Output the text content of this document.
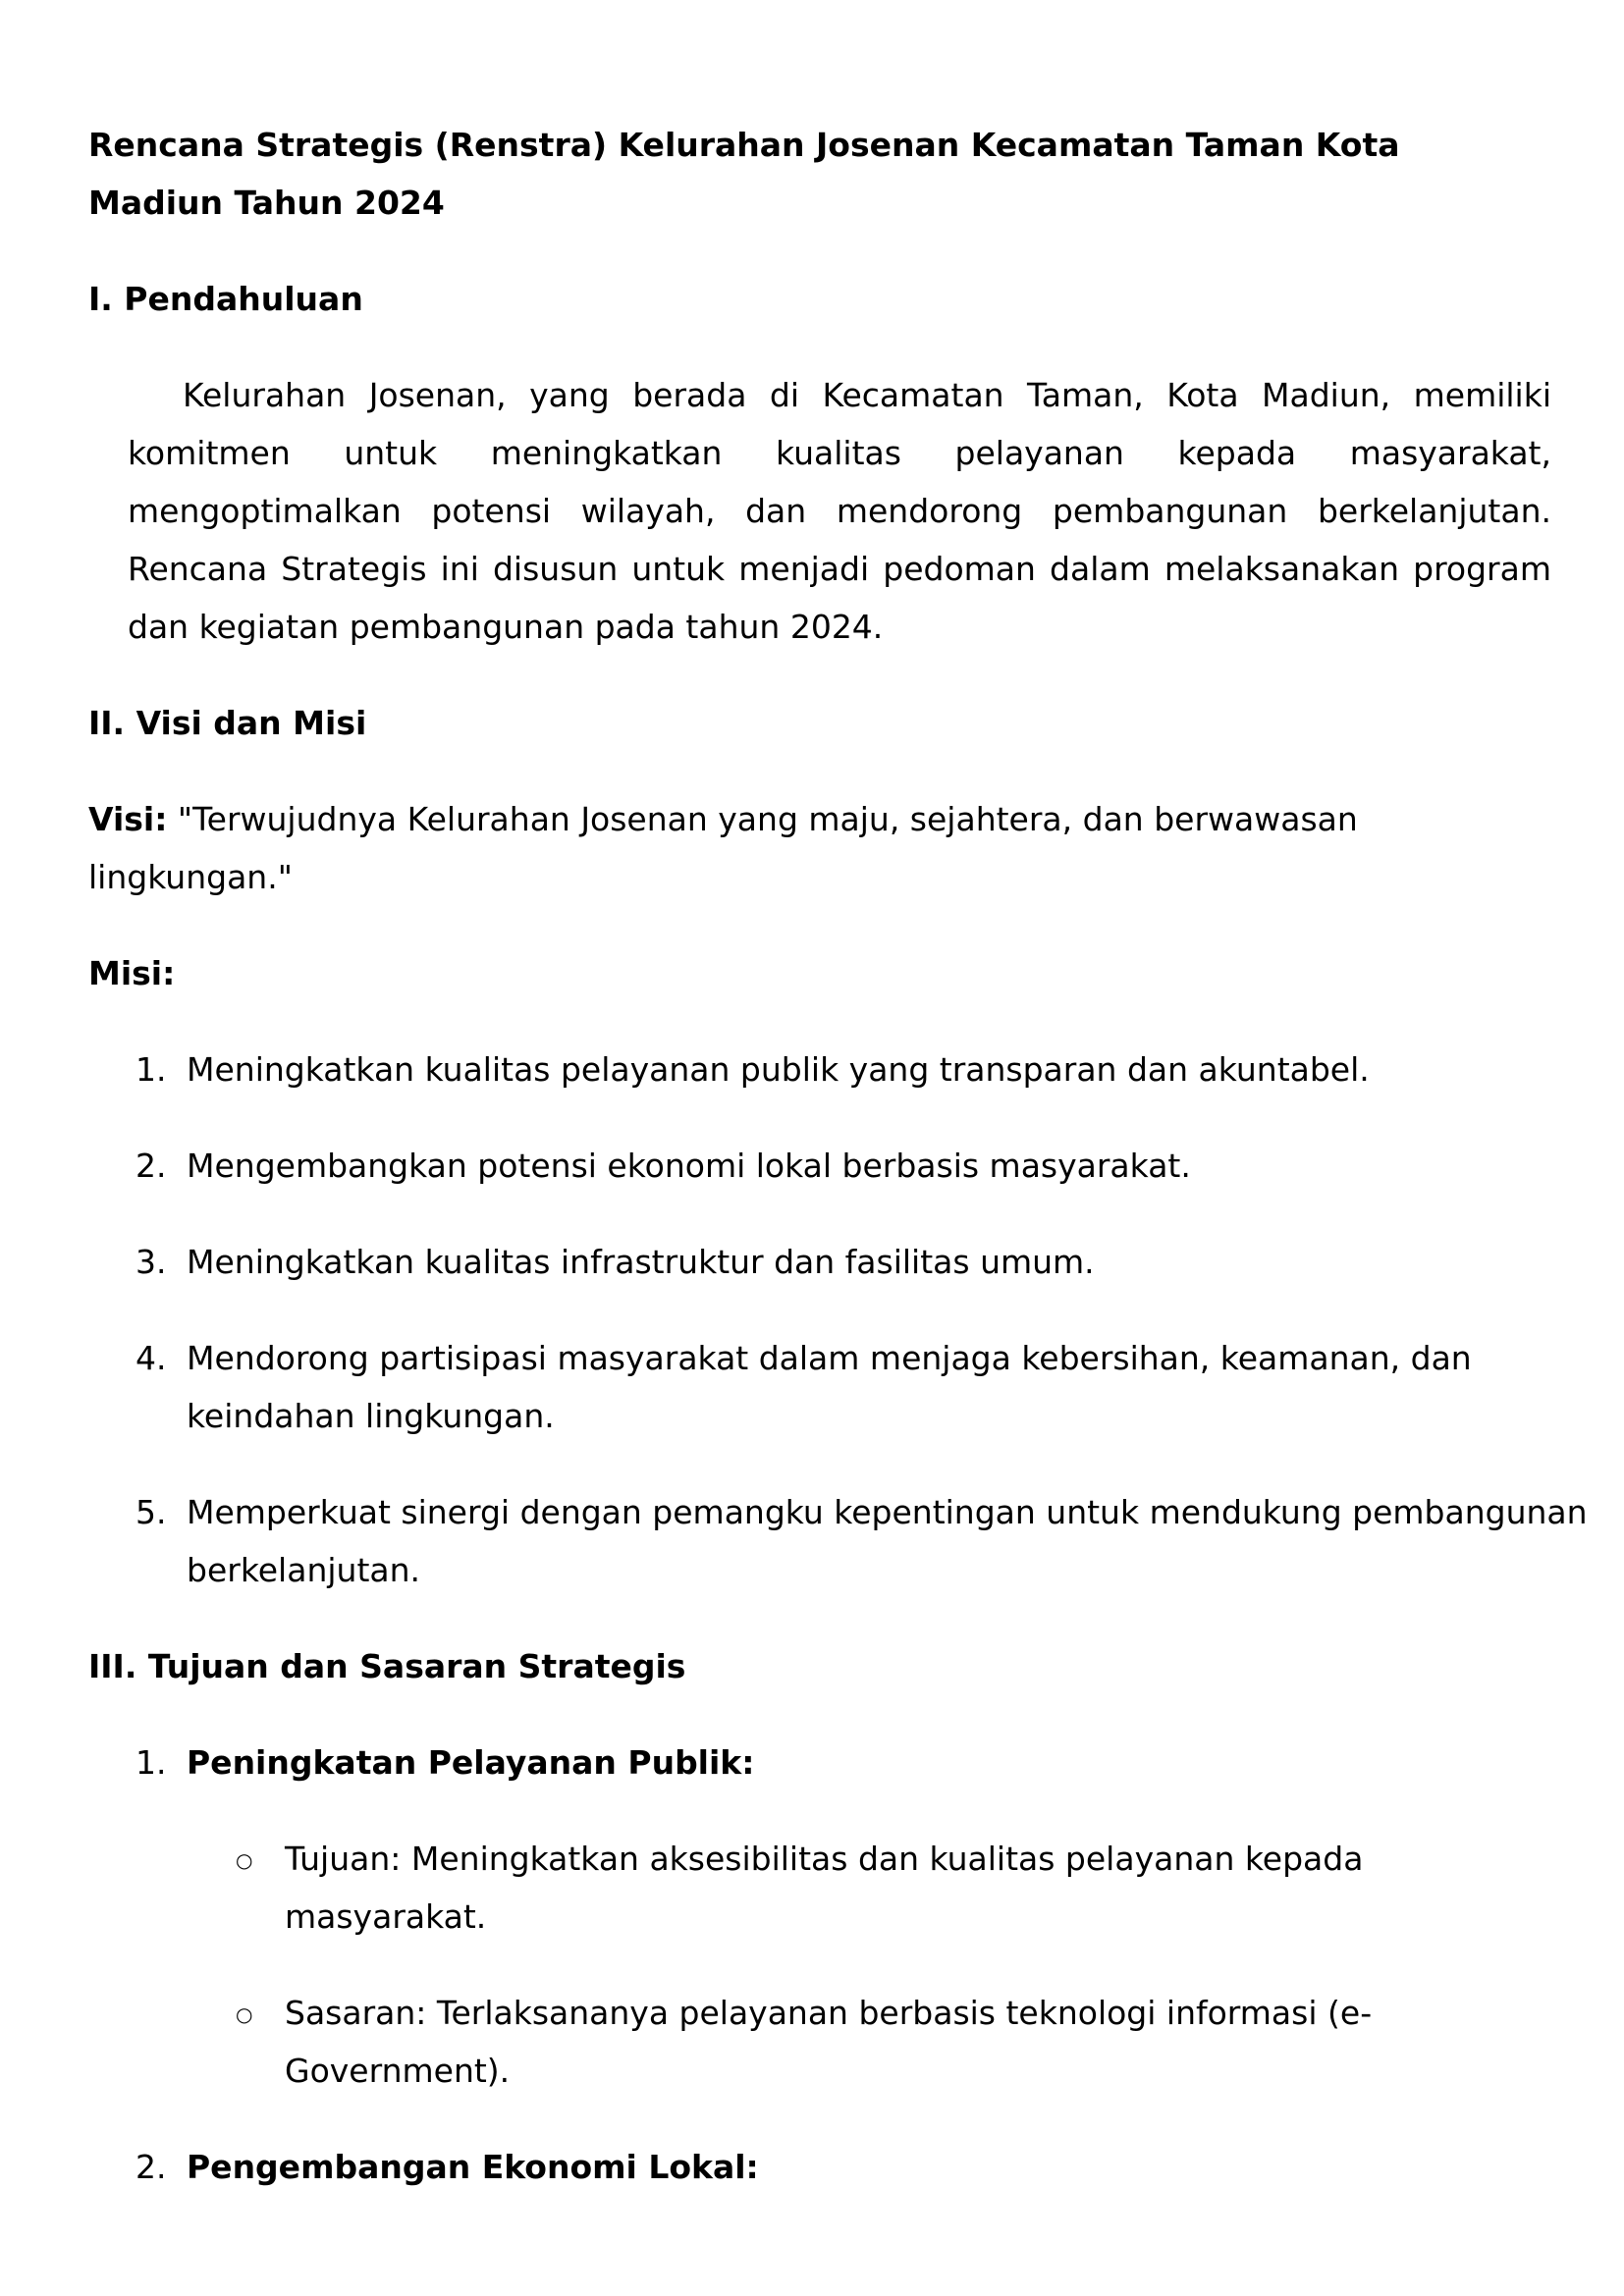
Rencana Strategis (Renstra) Kelurahan Josenan Kecamatan Taman Kota Madiun Tahun 2024
I. Pendahuluan

Kelurahan Josenan, yang berada di Kecamatan Taman, Kota Madiun, memiliki komitmen untuk meningkatkan kualitas pelayanan kepada masyarakat, mengoptimalkan potensi wilayah, dan mendorong pembangunan berkelanjutan. Rencana Strategis ini disusun untuk menjadi pedoman dalam melaksanakan program dan kegiatan pembangunan pada tahun 2024.

II. Visi dan Misi

Visi: "Terwujudnya Kelurahan Josenan yang maju, sejahtera, dan berwawasan lingkungan."

Misi:
1. Meningkatkan kualitas pelayanan publik yang transparan dan akuntabel.
2. Mengembangkan potensi ekonomi lokal berbasis masyarakat.
3. Meningkatkan kualitas infrastruktur dan fasilitas umum.
4. Mendorong partisipasi masyarakat dalam menjaga kebersihan, keamanan, dan keindahan lingkungan.
5. Memperkuat sinergi dengan pemangku kepentingan untuk mendukung pembangunan berkelanjutan.
III. Tujuan dan Sasaran Strategis
1. Peningkatan Pelayanan Publik:
○ Tujuan: Meningkatkan aksesibilitas dan kualitas pelayanan kepada masyarakat.
○ Sasaran: Terlaksananya pelayanan berbasis teknologi informasi (e-Government).
2. Pengembangan Ekonomi Lokal:
